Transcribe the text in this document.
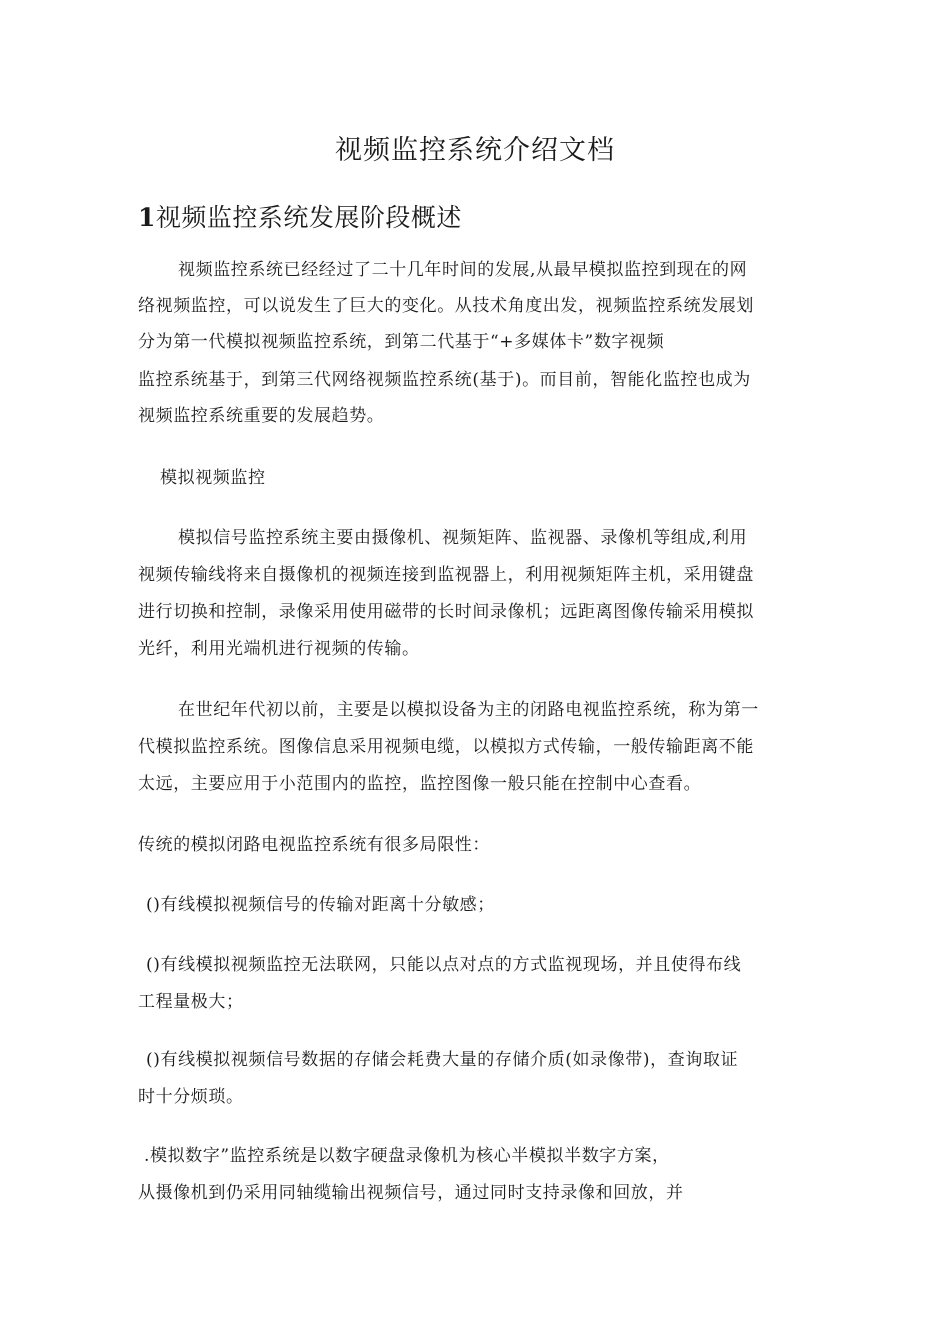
视频监控系统介绍文档
1视频监控系统发展阶段概述
视频监控系统已经经过了二十几年时间的发展,从最早模拟监控到现在的网
络视频监控，可以说发生了巨大的变化。从技术角度出发，视频监控系统发展划
分为第一代模拟视频监控系统，到第二代基于“+多媒体卡”数字视频
监控系统基于，到第三代网络视频监控系统(基于)。而目前，智能化监控也成为
视频监控系统重要的发展趋势。
模拟视频监控
模拟信号监控系统主要由摄像机、视频矩阵、监视器、录像机等组成,利用
视频传输线将来自摄像机的视频连接到监视器上，利用视频矩阵主机，采用键盘
进行切换和控制，录像采用使用磁带的长时间录像机；远距离图像传输采用模拟
光纤，利用光端机进行视频的传输。
在世纪年代初以前，主要是以模拟设备为主的闭路电视监控系统，称为第一
代模拟监控系统。图像信息采用视频电缆，以模拟方式传输，一般传输距离不能
太远，主要应用于小范围内的监控，监控图像一般只能在控制中心查看。
传统的模拟闭路电视监控系统有很多局限性：
()有线模拟视频信号的传输对距离十分敏感；
()有线模拟视频监控无法联网，只能以点对点的方式监视现场，并且使得布线
工程量极大；
()有线模拟视频信号数据的存储会耗费大量的存储介质(如录像带)，查询取证
时十分烦琐。
.模拟数字”监控系统是以数字硬盘录像机为核心半模拟半数字方案，
从摄像机到仍采用同轴缆输出视频信号，通过同时支持录像和回放，并
